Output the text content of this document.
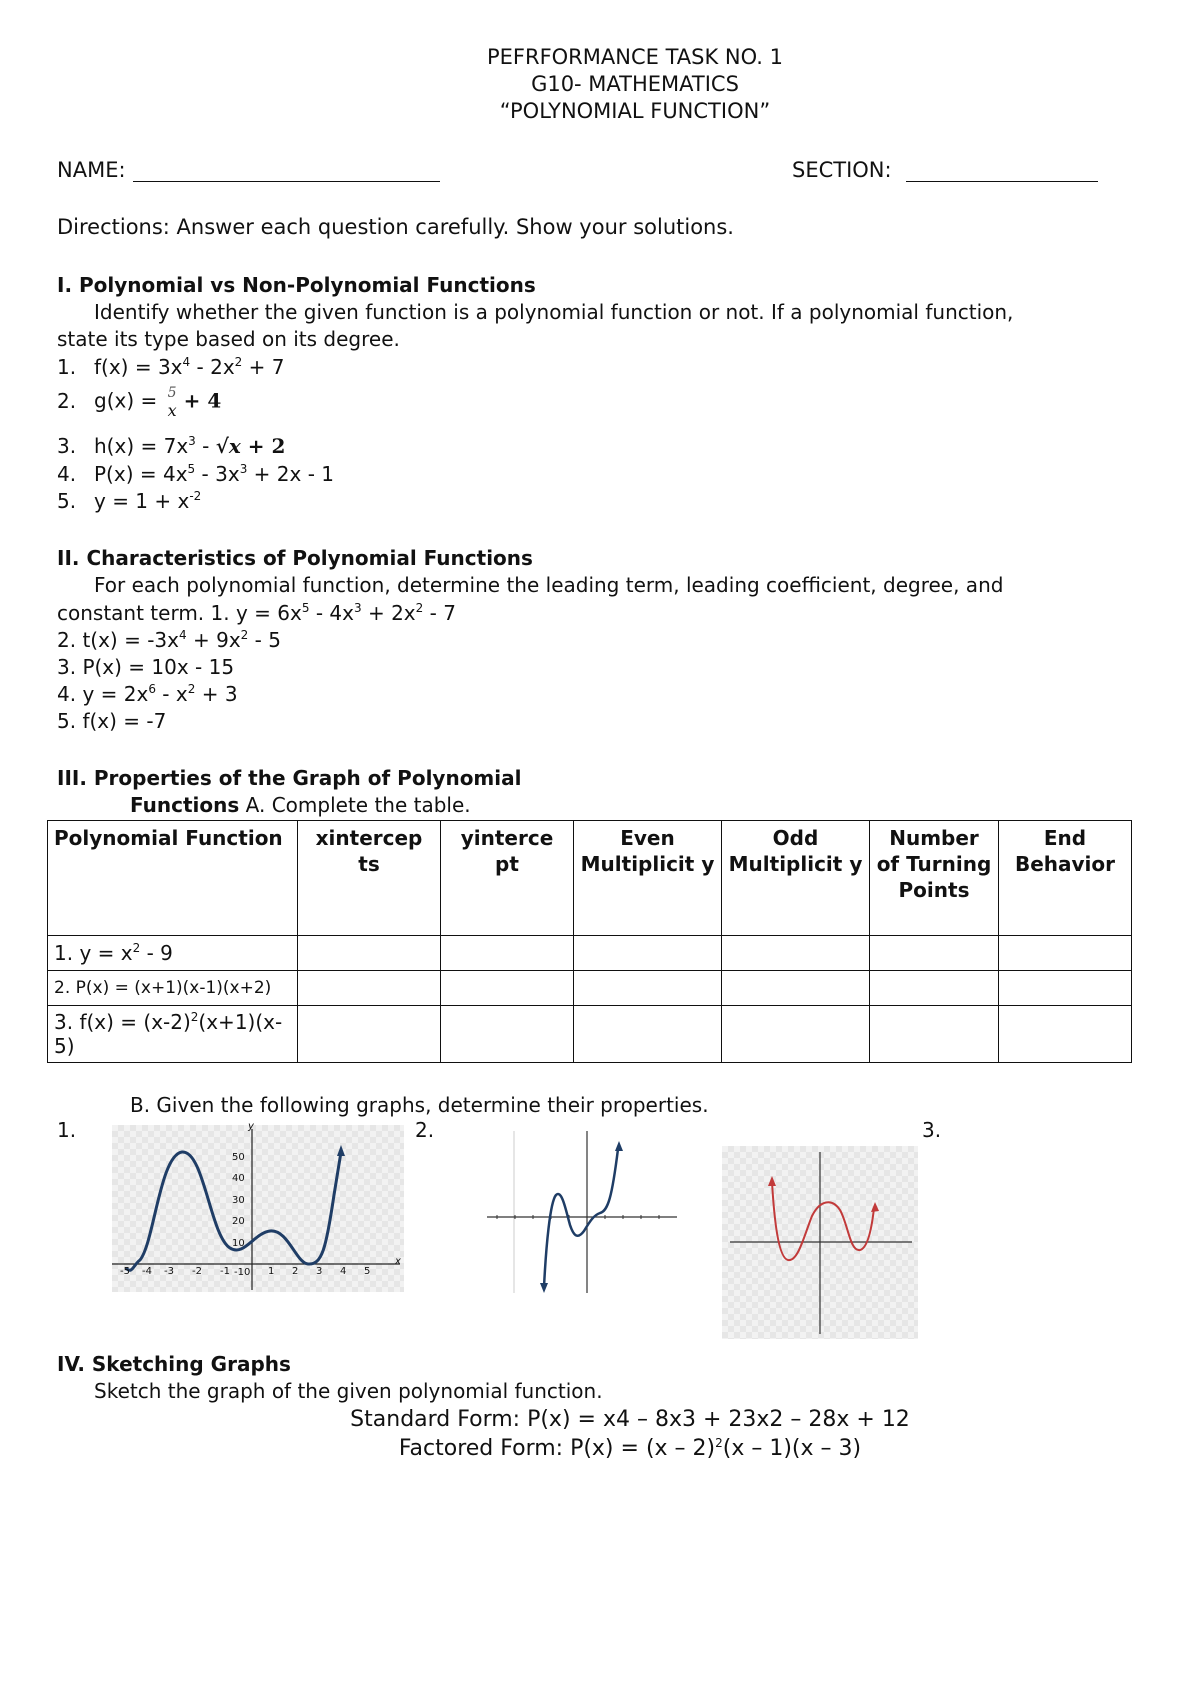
PEFRFORMANCE TASK NO. 1
G10- MATHEMATICS
“POLYNOMIAL FUNCTION”
NAME:	SECTION:
Directions: Answer each question carefully. Show your solutions.
I. Polynomial vs Non-Polynomial Functions
Identify whether the given function is a polynomial function or not. If a polynomial function,
state its type based on its degree.
1. $f(x) = 3x^4 - 2x^2 + 7$
2. g(x) = 5
x + 4
3. $h(x) = 7x^3 - √x + 2$
4. $P(x) = 4x^5 - 3x^3 + 2x - 1$
5. $y = 1 + x^{-2}$
II. Characteristics of Polynomial Functions
For each polynomial function, determine the leading term, leading coefficient, degree, and
constant term. 1. $y = 6x^5 - 4x^3 + 2x^2 - 7$
2. $t(x) = -3x^4 + 9x^2 - 5$
3. P(x) = 10x - 15
4. $y = 2x^6 - x^2 + 3$
5. f(x) = -7
III. Properties of the Graph of Polynomial
Functions A. Complete the table.
Polynomial Function	xintercep ts	yinterce pt	Even Multiplicit y	Odd Multiplicit y	Number of Turning Points	End Behavior
1. $y = x^2 - 9$						
2. P(x) = (x+1)(x-1)(x+2)						
3. $f(x) = (x-2)^2(x+1)(x-5)$						
B. Given the following graphs, determine their properties.
1.	2.	3.
y
x
50
40
30
20
10
-10
-5 -4 -3 -2 -1	1 2 3 4 5
IV. Sketching Graphs
Sketch the graph of the given polynomial function.
Standard Form: P(x) = x4 – 8x3 + 23x2 – 28x + 12
Factored Form: P(x) = (x – 2)$^2$(x – 1)(x – 3)
